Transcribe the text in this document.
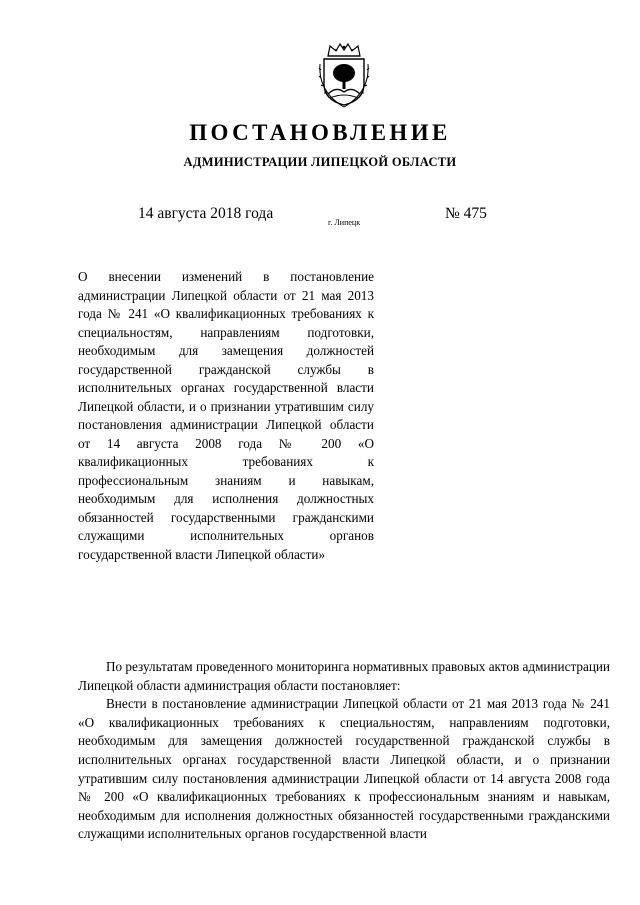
ПОСТАНОВЛЕНИЕ
АДМИНИСТРАЦИИ ЛИПЕЦКОЙ ОБЛАСТИ
14 августа 2018 года
г. Липецк
№ 475
О внесении изменений в постановление администрации Липецкой области от 21 мая 2013 года № 241 «О квалификационных требованиях к специальностям, направлениям подготовки, необходимым для замещения должностей государственной гражданской службы в исполнительных органах государственной власти Липецкой области, и о признании утратившим силу постановления администрации Липецкой области от 14 августа 2008 года № 200 «О квалификационных требованиях к профессиональным знаниям и навыкам, необходимым для исполнения должностных обязанностей государственными гражданскими служащими исполнительных органов государственной власти Липецкой области»

По результатам проведенного мониторинга нормативных правовых актов администрации Липецкой области администрация области постановляет:

Внести в постановление администрации Липецкой области от 21 мая 2013 года № 241 «О квалификационных требованиях к специальностям, направлениям подготовки, необходимым для замещения должностей государственной гражданской службы в исполнительных органах государственной власти Липецкой области, и о признании утратившим силу постановления администрации Липецкой области от 14 августа 2008 года № 200 «О квалификационных требованиях к профессиональным знаниям и навыкам, необходимым для исполнения должностных обязанностей государственными гражданскими служащими исполнительных органов государственной власти
